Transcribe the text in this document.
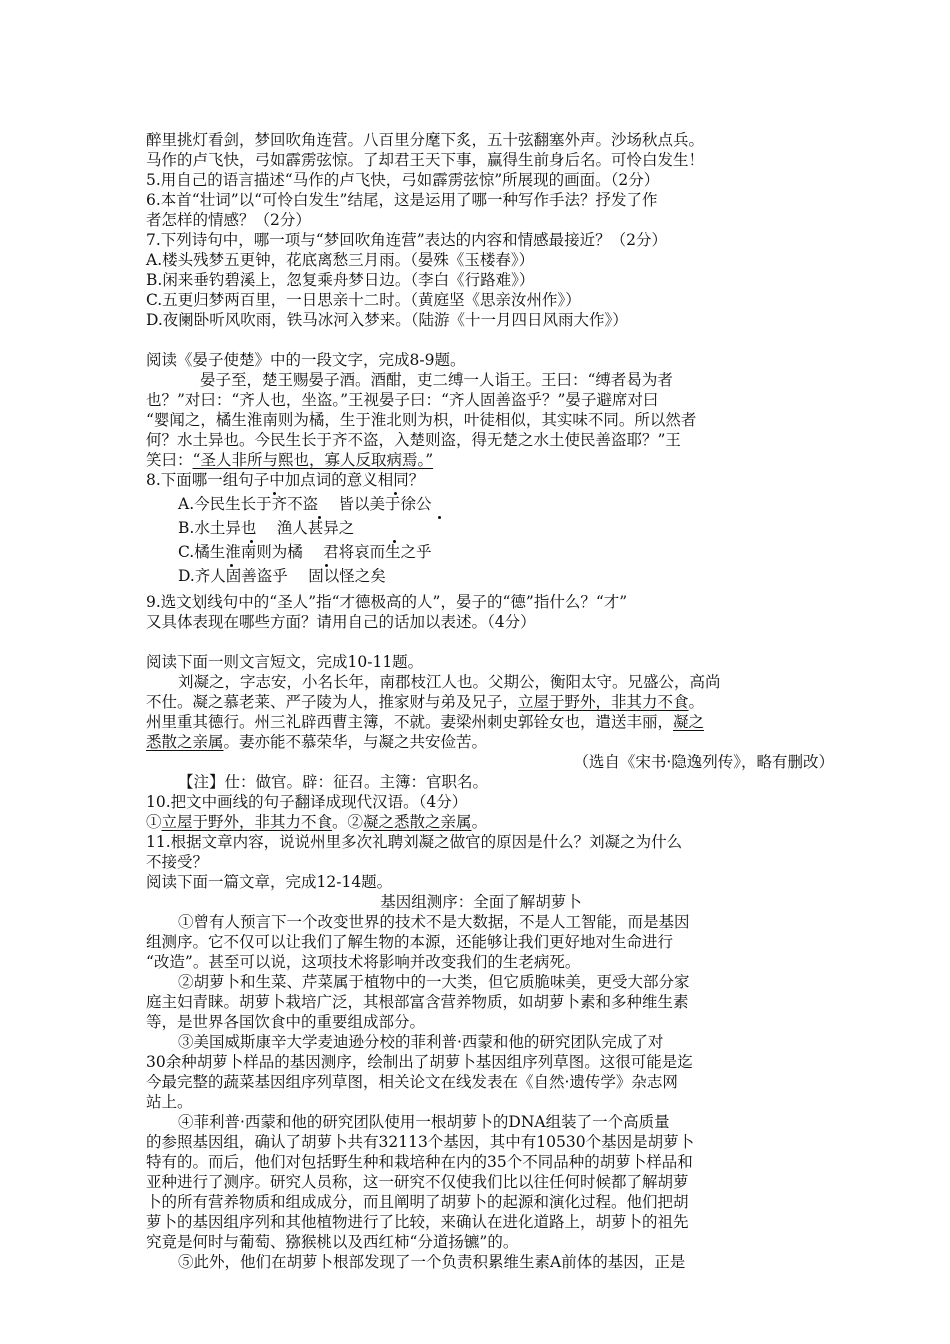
醉里挑灯看剑，梦回吹角连营。八百里分麾下炙，五十弦翻塞外声。沙场秋点兵。
马作的卢飞快，弓如霹雳弦惊。了却君王天下事，赢得生前身后名。可怜白发生！
5.用自己的语言描述“马作的卢飞快，弓如霹雳弦惊”所展现的画面。（2分）
6.本首“壮词”以“可怜白发生”结尾，这是运用了哪一种写作手法？抒发了作
者怎样的情感？（2分）
7.下列诗句中，哪一项与“梦回吹角连营”表达的内容和情感最接近？（2分）
A.楼头残梦五更钟，花底离愁三月雨。（晏殊《玉楼春》）
B.闲来垂钓碧溪上，忽复乘舟梦日边。（李白《行路难》）
C.五更归梦两百里，一日思亲十二时。（黄庭坚《思亲汝州作》）
D.夜阑卧听风吹雨，铁马冰河入梦来。（陆游《十一月四日风雨大作》）
阅读《晏子使楚》中的一段文字，完成8-9题。
晏子至，楚王赐晏子酒。酒酣，吏二缚一人诣王。王曰：“缚者曷为者
也？”对曰：“齐人也，坐盗。”王视晏子曰：“齐人固善盗乎？”晏子避席对曰
“婴闻之，橘生淮南则为橘，生于淮北则为枳，叶徒相似，其实味不同。所以然者
何？水土异也。今民生长于齐不盗，入楚则盗，得无楚之水土使民善盗耶？”王
笑曰：“圣人非所与熙也，寡人反取病焉。”
8.下面哪一组句子中加点词的意义相同？
A.今民生长于齐不盗　 皆以美于徐公
B.水土异也　 渔人甚异之
C.橘生淮南则为橘　 君将哀而生之乎
D.齐人固善盗乎　 固以怪之矣
9.选文划线句中的“圣人”指“才德极高的人”，晏子的“德”指什么？“才”
又具体表现在哪些方面？请用自己的话加以表述。（4分）
阅读下面一则文言短文，完成10-11题。
刘凝之，字志安，小名长年，南郡枝江人也。父期公，衡阳太守。兄盛公，高尚
不仕。凝之慕老莱、严子陵为人，推家财与弟及兄子，立屋于野外，非其力不食。
州里重其德行。州三礼辟西曹主簿，不就。妻梁州刺史郭铨女也，遣送丰丽，凝之
悉散之亲属。妻亦能不慕荣华，与凝之共安俭苦。
（选自《宋书·隐逸列传》，略有删改）
【注】仕：做官。辟：征召。主簿：官职名。
10.把文中画线的句子翻译成现代汉语。（4分）
①立屋于野外，非其力不食。②凝之悉散之亲属。
11.根据文章内容，说说州里多次礼聘刘凝之做官的原因是什么？刘凝之为什么
不接受？
阅读下面一篇文章，完成12-14题。
基因组测序：全面了解胡萝卜
①曾有人预言下一个改变世界的技术不是大数据，不是人工智能，而是基因
组测序。它不仅可以让我们了解生物的本源，还能够让我们更好地对生命进行
“改造”。甚至可以说，这项技术将影响并改变我们的生老病死。
②胡萝卜和生菜、芹菜属于植物中的一大类，但它质脆味美，更受大部分家
庭主妇青睐。胡萝卜栽培广泛，其根部富含营养物质，如胡萝卜素和多种维生素
等，是世界各国饮食中的重要组成部分。
③美国威斯康辛大学麦迪逊分校的菲利普·西蒙和他的研究团队完成了对
30余种胡萝卜样品的基因测序，绘制出了胡萝卜基因组序列草图。这很可能是迄
今最完整的蔬菜基因组序列草图，相关论文在线发表在《自然·遗传学》杂志网
站上。
④菲利普·西蒙和他的研究团队使用一根胡萝卜的DNA组装了一个高质量
的参照基因组，确认了胡萝卜共有32113个基因，其中有10530个基因是胡萝卜
特有的。而后，他们对包括野生种和栽培种在内的35个不同品种的胡萝卜样品和
亚种进行了测序。研究人员称，这一研究不仅使我们比以往任何时候都了解胡萝
卜的所有营养物质和组成成分，而且阐明了胡萝卜的起源和演化过程。他们把胡
萝卜的基因组序列和其他植物进行了比较，来确认在进化道路上，胡萝卜的祖先
究竟是何时与葡萄、猕猴桃以及西红柿“分道扬镳”的。
⑤此外，他们在胡萝卜根部发现了一个负责积累维生素A前体的基因，正是
